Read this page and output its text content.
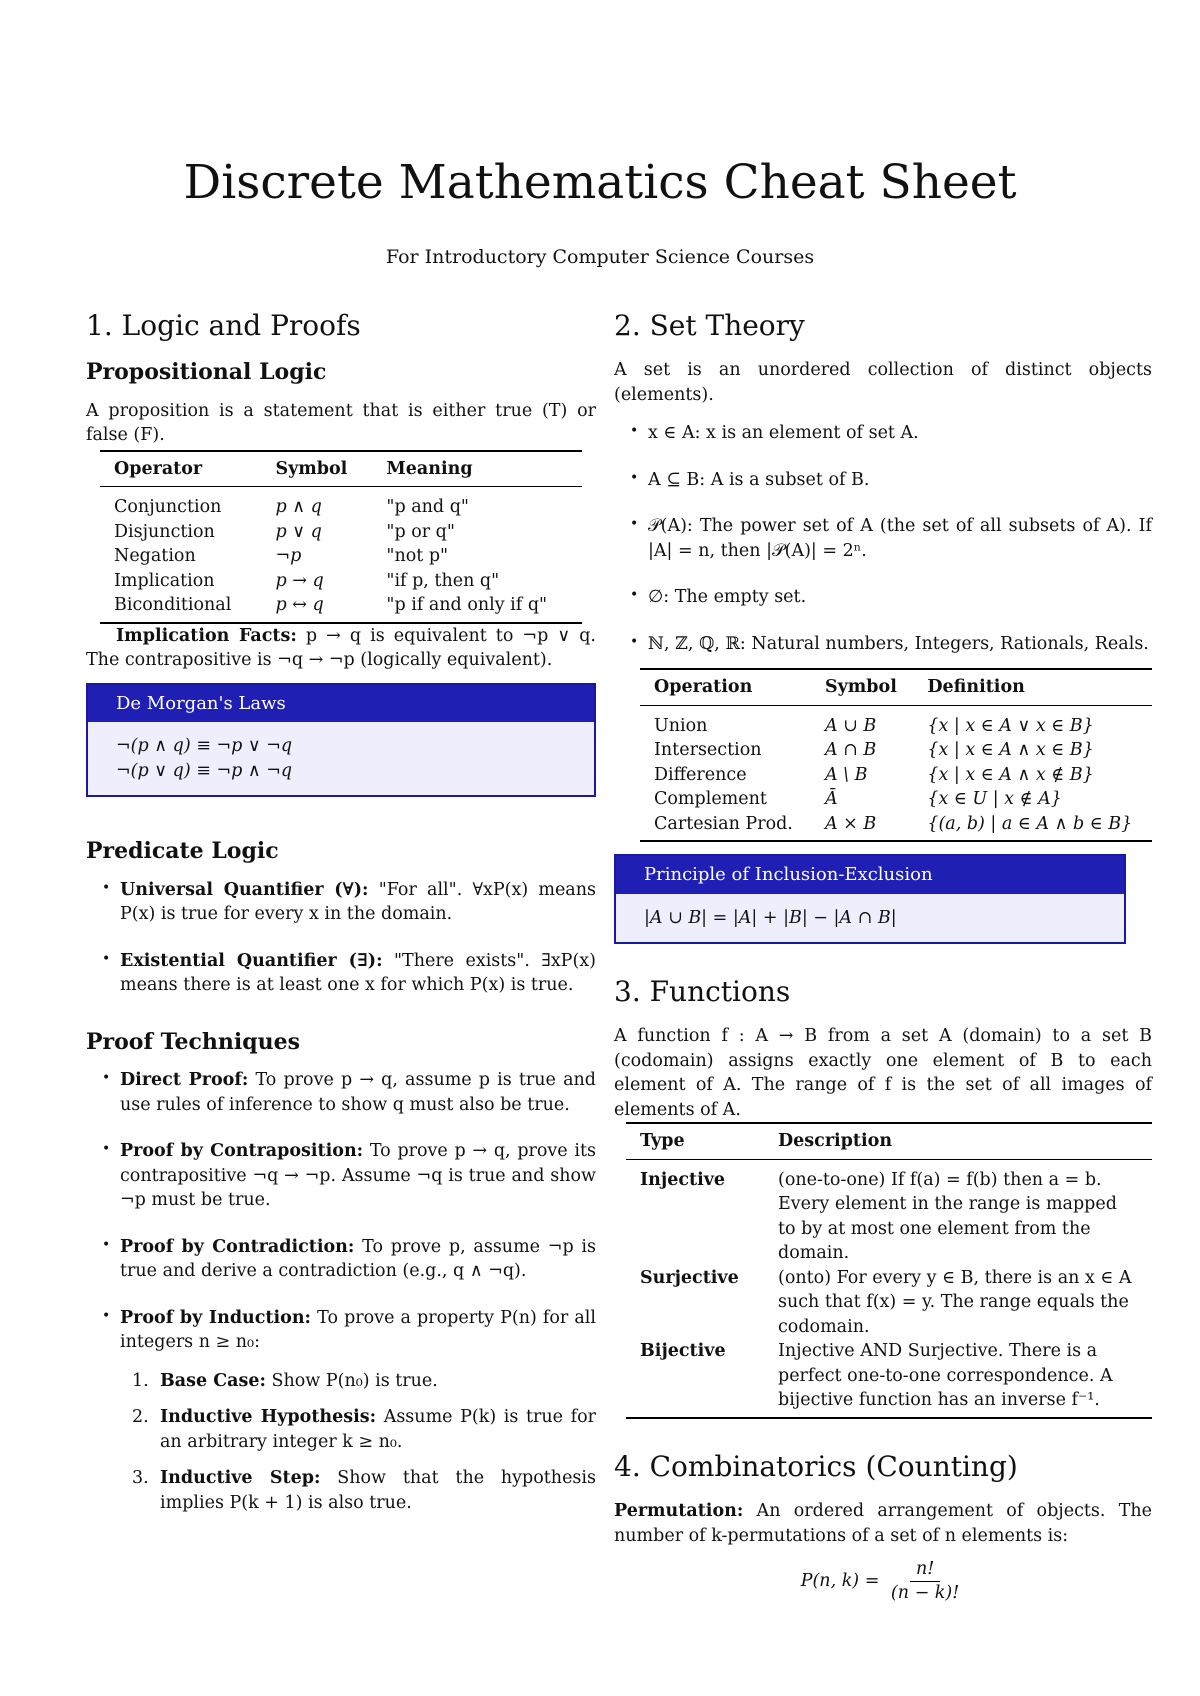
Discrete Mathematics Cheat Sheet
For Introductory Computer Science Courses
1. Logic and Proofs
Propositional Logic

A proposition is a statement that is either true (T) or false (F).

Operator	Symbol	Meaning
Conjunction	p ∧ q	"p and q"
Disjunction	p ∨ q	"p or q"
Negation	¬p	"not p"
Implication	p → q	"if p, then q"
Biconditional	p ↔ q	"p if and only if q"

Implication Facts: p → q is equivalent to ¬p ∨ q. The contrapositive is ¬q → ¬p (logically equivalent).

De Morgan's Laws
¬(p ∧ q) ≡ ¬p ∨ ¬q
¬(p ∨ q) ≡ ¬p ∧ ¬q
Predicate Logic
• Universal Quantifier (∀): "For all". ∀xP(x) means P(x) is true for every x in the domain.
• Existential Quantifier (∃): "There exists". ∃xP(x) means there is at least one x for which P(x) is true.
Proof Techniques
• Direct Proof: To prove p → q, assume p is true and use rules of inference to show q must also be true.
• Proof by Contraposition: To prove p → q, prove its contrapositive ¬q → ¬p. Assume ¬q is true and show ¬p must be true.
• Proof by Contradiction: To prove p, assume ¬p is true and derive a contradiction (e.g., q ∧ ¬q).
• Proof by Induction: To prove a property P(n) for all integers n ≥ n₀:
1. Base Case: Show P(n₀) is true.
2. Inductive Hypothesis: Assume P(k) is true for an arbitrary integer k ≥ n₀.
3. Inductive Step: Show that the hypothesis implies P(k + 1) is also true.
2. Set Theory

A set is an unordered collection of distinct objects (elements).

• x ∈ A: x is an element of set A.
• A ⊆ B: A is a subset of B.
• 𝒫(A): The power set of A (the set of all subsets of A). If |A| = n, then |𝒫(A)| = 2ⁿ.
• ∅: The empty set.
• ℕ, ℤ, ℚ, ℝ: Natural numbers, Integers, Rationals, Reals.
Operation	Symbol	Definition
Union	A ∪ B	{x | x ∈ A ∨ x ∈ B}
Intersection	A ∩ B	{x | x ∈ A ∧ x ∈ B}
Difference	A \ B	{x | x ∈ A ∧ x ∉ B}
Complement	Ā	{x ∈ U | x ∉ A}
Cartesian Prod.	A × B	{(a, b) | a ∈ A ∧ b ∈ B}
Principle of Inclusion-Exclusion
|A ∪ B| = |A| + |B| − |A ∩ B|
3. Functions

A function f : A → B from a set A (domain) to a set B (codomain) assigns exactly one element of B to each element of A. The range of f is the set of all images of elements of A.

Type	Description
Injective	(one-to-one) If f(a) = f(b) then a = b. Every element in the range is mapped to by at most one element from the domain.
Surjective	(onto) For every y ∈ B, there is an x ∈ A such that f(x) = y. The range equals the codomain.
Bijective	Injective AND Surjective. There is a perfect one-to-one correspondence. A bijective function has an inverse f⁻¹.
4. Combinatorics (Counting)

Permutation: An ordered arrangement of objects. The number of k-permutations of a set of n elements is:

P(n, $k) = \frac{n!}{(n - k)!}$
